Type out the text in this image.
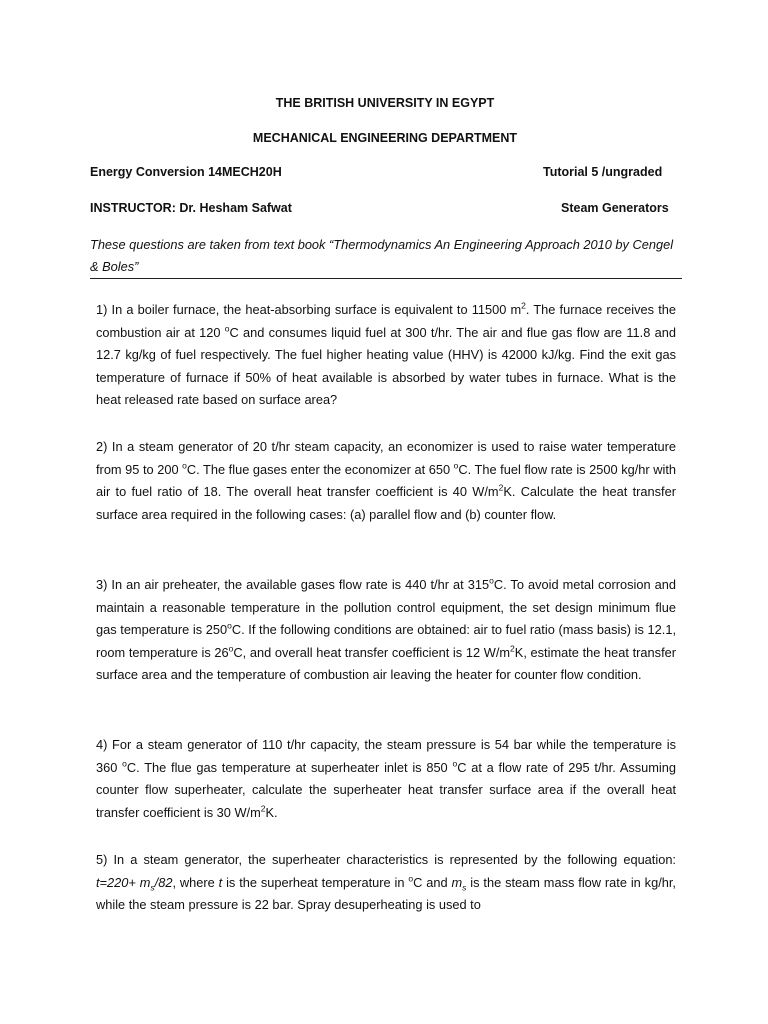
THE BRITISH UNIVERSITY IN EGYPT
MECHANICAL ENGINEERING DEPARTMENT
Energy Conversion 14MECH20H	Tutorial 5 /ungraded
INSTRUCTOR: Dr. Hesham Safwat	Steam Generators
These questions are taken from text book “Thermodynamics An Engineering Approach 2010 by Cengel & Boles”
1) In a boiler furnace, the heat-absorbing surface is equivalent to 11500 $m^2$. The furnace receives the combustion air at 120 $^o$C and consumes liquid fuel at 300 t/hr. The air and flue gas flow are 11.8 and 12.7 kg/kg of fuel respectively. The fuel higher heating value (HHV) is 42000 kJ/kg. Find the exit gas temperature of furnace if 50% of heat available is absorbed by water tubes in furnace. What is the heat released rate based on surface area?
2) In a steam generator of 20 t/hr steam capacity, an economizer is used to raise water temperature from 95 to 200 $^o$C. The flue gases enter the economizer at 650 $^o$C. The fuel flow rate is 2500 kg/hr with air to fuel ratio of 18. The overall heat transfer coefficient is 40 $W/m^2K$. Calculate the heat transfer surface area required in the following cases: (a) parallel flow and (b) counter flow.
3) In an air preheater, the available gases flow rate is 440 t/hr at 315$^o$C. To avoid metal corrosion and maintain a reasonable temperature in the pollution control equipment, the set design minimum flue gas temperature is 250$^o$C. If the following conditions are obtained: air to fuel ratio (mass basis) is 12.1, room temperature is 26$^o$C, and overall heat transfer coefficient is 12 $W/m^2K$, estimate the heat transfer surface area and the temperature of combustion air leaving the heater for counter flow condition.
4) For a steam generator of 110 t/hr capacity, the steam pressure is 54 bar while the temperature is 360 $^o$C. The flue gas temperature at superheater inlet is 850 $^o$C at a flow rate of 295 t/hr. Assuming counter flow superheater, calculate the superheater heat transfer surface area if the overall heat transfer coefficient is 30 $W/m^2K$.
5) In a steam generator, the superheater characteristics is represented by the following equation: $t=220+ m_s/82$, where t is the superheat temperature in $^o$C and $m_s$ is the steam mass flow rate in kg/hr, while the steam pressure is 22 bar. Spray desuperheating is used to
